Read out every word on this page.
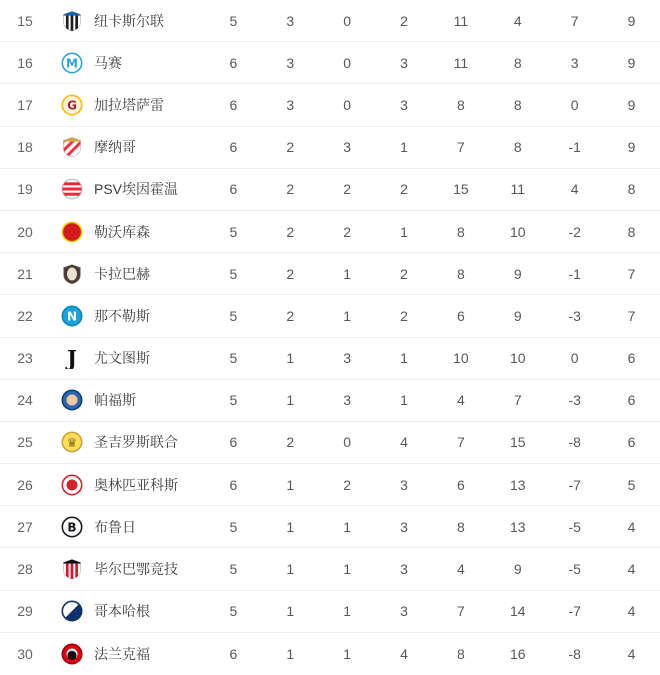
15	纽卡斯尔联	5	3	0	2	11	4	7	9
16	M 马赛	6	3	0	3	11	8	3	9
17	G 加拉塔萨雷	6	3	0	3	8	8	0	9
18	摩纳哥	6	2	3	1	7	8	-1	9
19	PSV埃因霍温	6	2	2	2	15	11	4	8
20	勒沃库森	5	2	2	1	8	10	-2	8
21	卡拉巴赫	5	2	1	2	8	9	-1	7
22	N 那不勒斯	5	2	1	2	6	9	-3	7
23	J 尤文图斯	5	1	3	1	10	10	0	6
24	帕福斯	5	1	3	1	4	7	-3	6
25	♛ 圣吉罗斯联合	6	2	0	4	7	15	-8	6
26	奥林匹亚科斯	6	1	2	3	6	13	-7	5
27	B 布鲁日	5	1	1	3	8	13	-5	4
28	毕尔巴鄂竞技	5	1	1	3	4	9	-5	4
29	哥本哈根	5	1	1	3	7	14	-7	4
30	● 法兰克福	6	1	1	4	8	16	-8	4
